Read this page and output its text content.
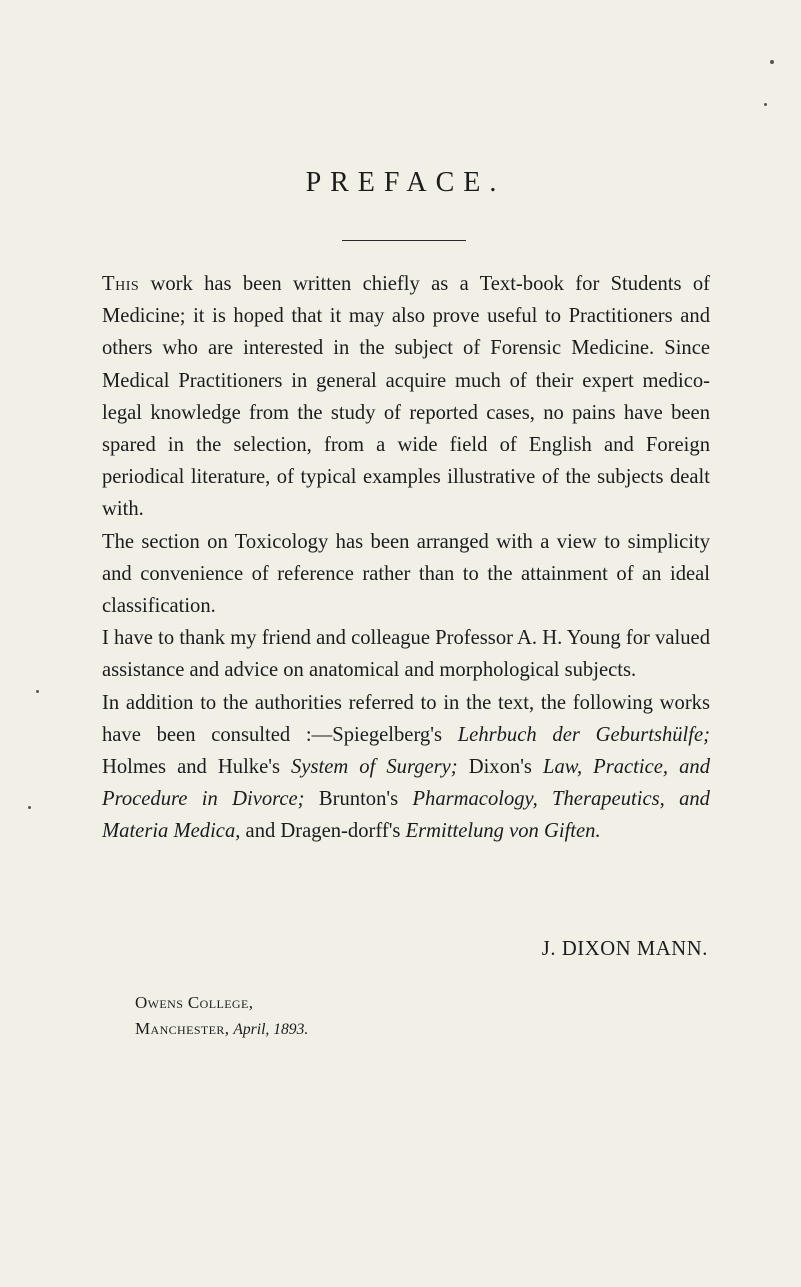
PREFACE.

This work has been written chiefly as a Text-book for Students of Medicine; it is hoped that it may also prove useful to Practitioners and others who are interested in the subject of Forensic Medicine. Since Medical Practitioners in general acquire much of their expert medico-legal knowledge from the study of reported cases, no pains have been spared in the selection, from a wide field of English and Foreign periodical literature, of typical examples illustrative of the subjects dealt with.

The section on Toxicology has been arranged with a view to simplicity and convenience of reference rather than to the attainment of an ideal classification.

I have to thank my friend and colleague Professor A. H. Young for valued assistance and advice on anatomical and morphological subjects.

In addition to the authorities referred to in the text, the following works have been consulted :—Spiegelberg's Lehrbuch der Geburtshülfe; Holmes and Hulke's System of Surgery; Dixon's Law, Practice, and Procedure in Divorce; Brunton's Pharmacology, Therapeutics, and Materia Medica, and Dragen-dorff's Ermittelung von Giften.

J. DIXON MANN.
Owens College,
Manchester, April, 1893.
